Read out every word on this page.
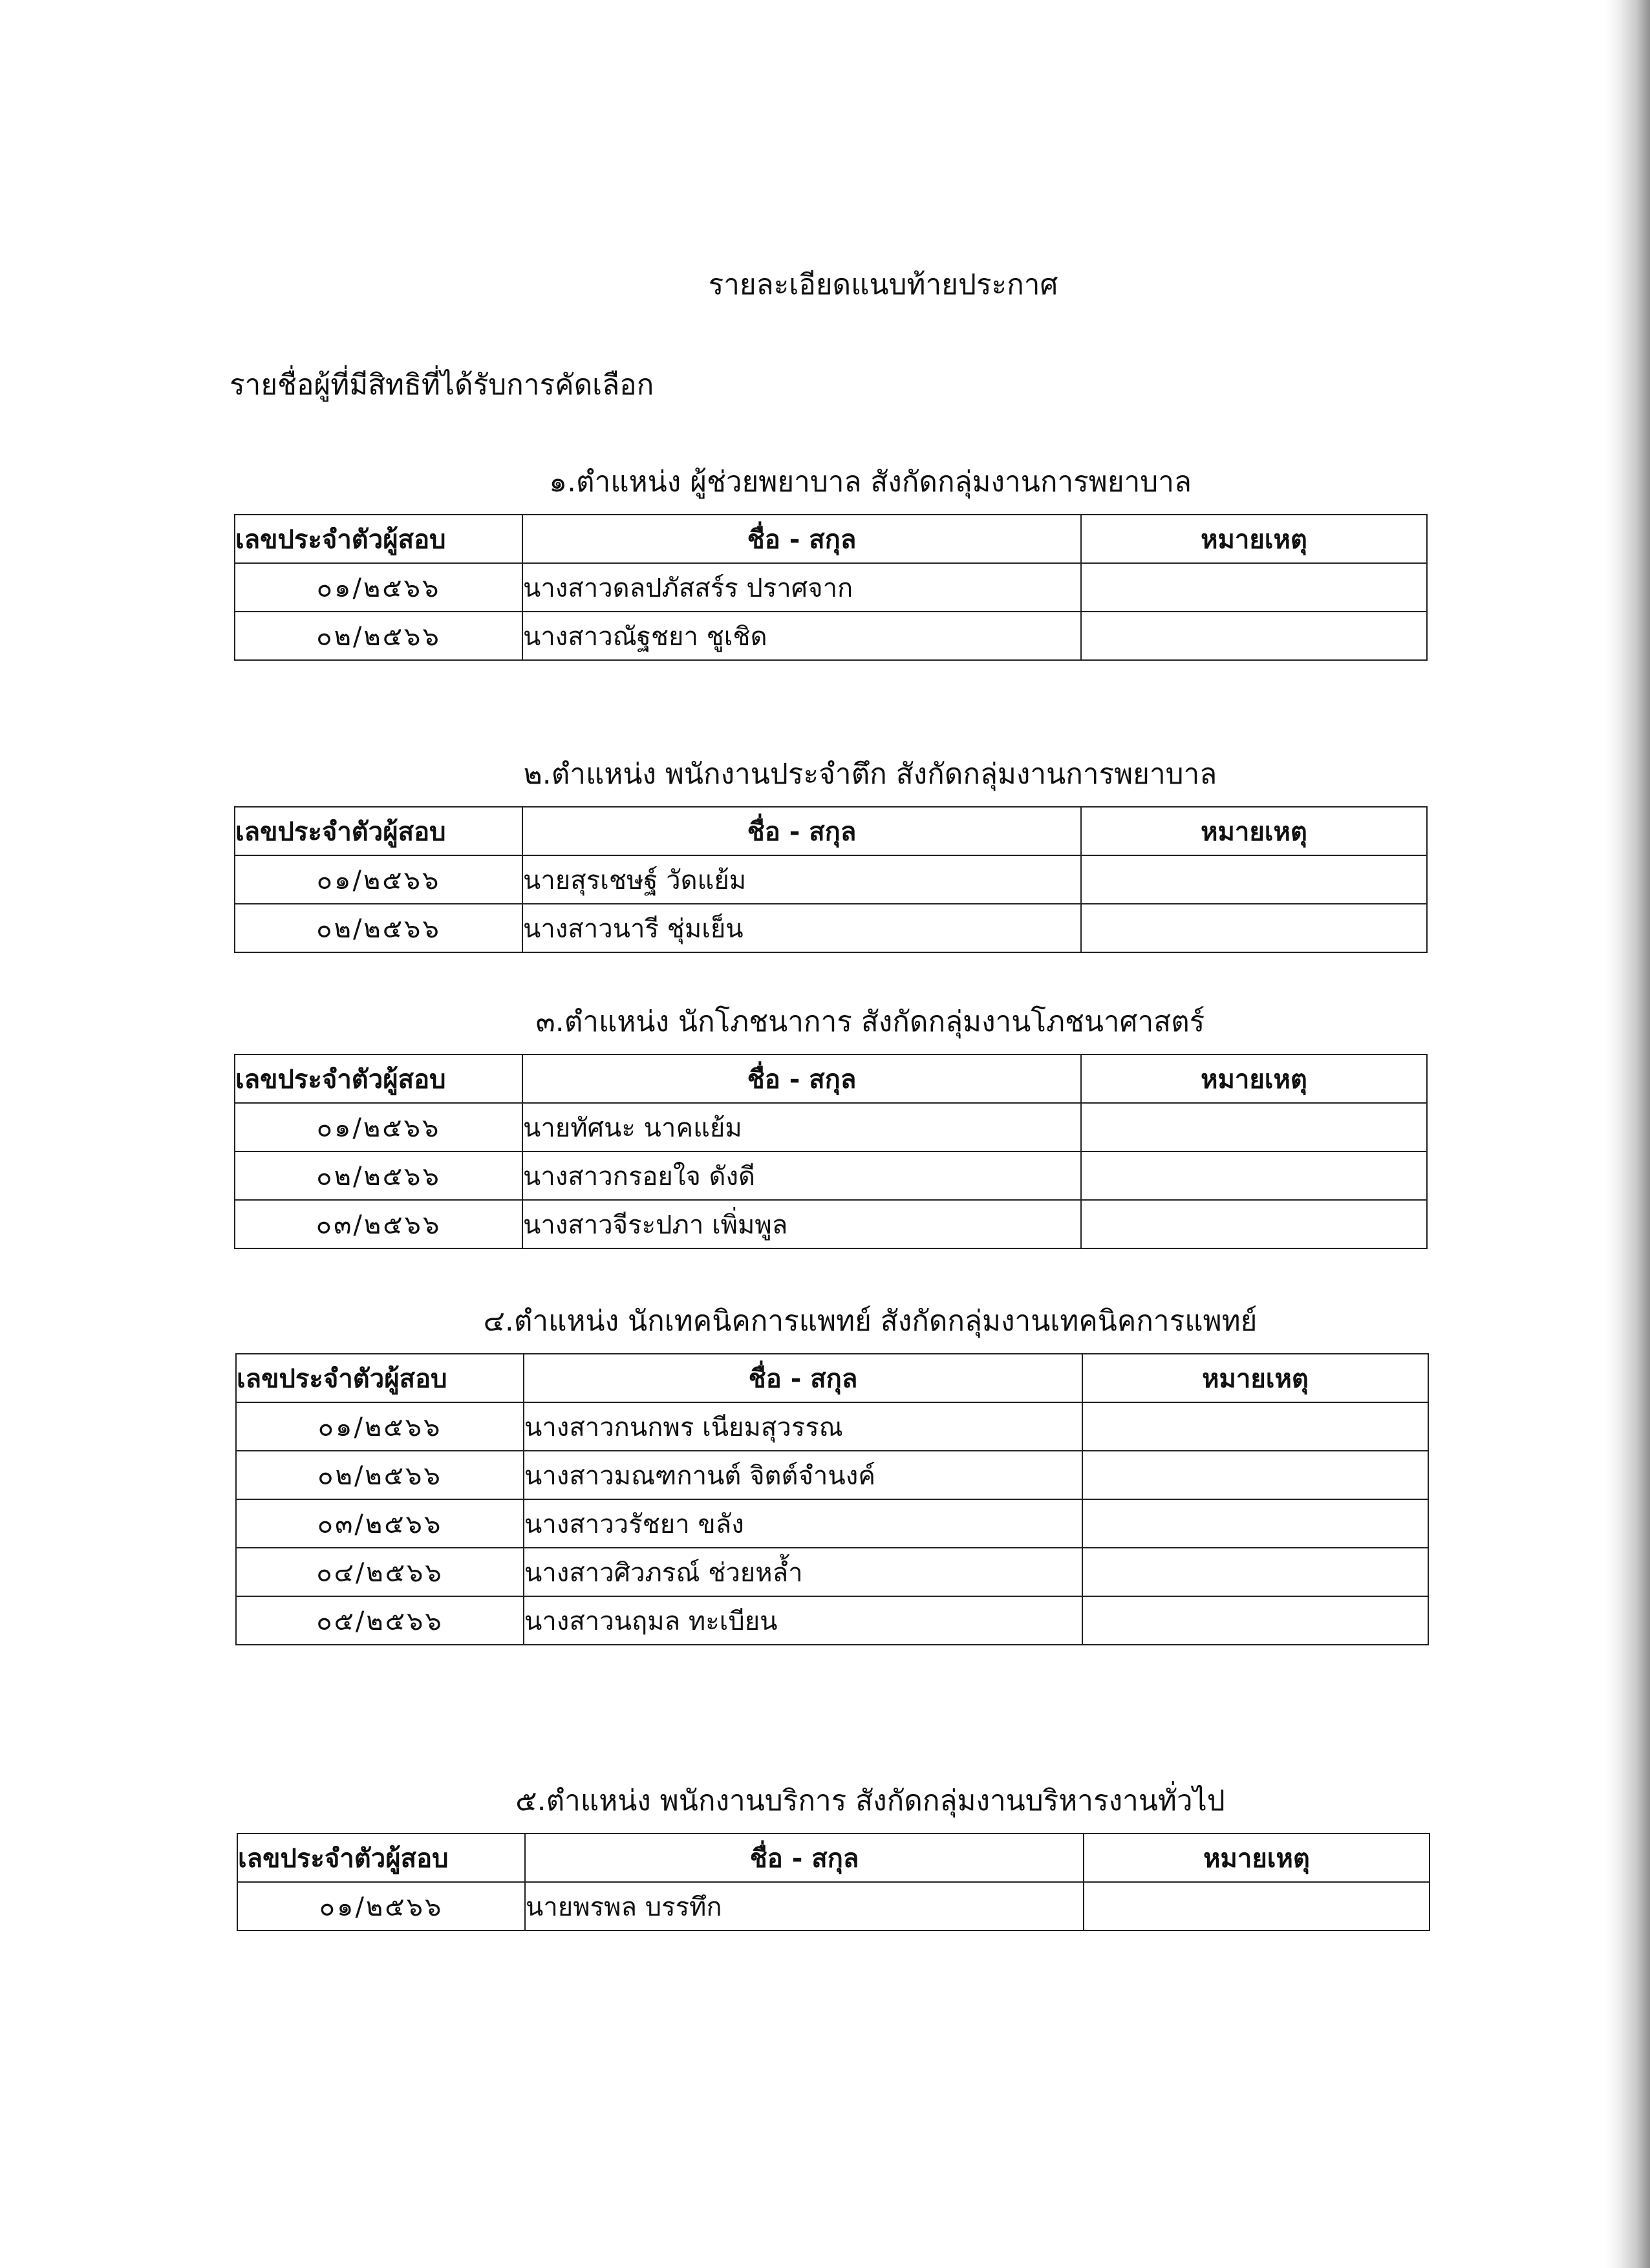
รายละเอียดแนบท้ายประกาศ
รายชื่อผู้ที่มีสิทธิที่ได้รับการคัดเลือก
๑.ตำแหน่ง ผู้ช่วยพยาบาล สังกัดกลุ่มงานการพยาบาล
เลขประจำตัวผู้สอบ	ชื่อ - สกุล	หมายเหตุ
๐๑/๒๕๖๖	นางสาวดลปภัสสร์ร ปราศจาก	
๐๒/๒๕๖๖	นางสาวณัฐชยา ชูเชิด	
๒.ตำแหน่ง พนักงานประจำตึก สังกัดกลุ่มงานการพยาบาล
เลขประจำตัวผู้สอบ	ชื่อ - สกุล	หมายเหตุ
๐๑/๒๕๖๖	นายสุรเชษฐ์ วัดแย้ม	
๐๒/๒๕๖๖	นางสาวนารี ชุ่มเย็น	
๓.ตำแหน่ง นักโภชนาการ สังกัดกลุ่มงานโภชนาศาสตร์
เลขประจำตัวผู้สอบ	ชื่อ - สกุล	หมายเหตุ
๐๑/๒๕๖๖	นายทัศนะ นาคแย้ม	
๐๒/๒๕๖๖	นางสาวกรอยใจ ดังดี	
๐๓/๒๕๖๖	นางสาวจีระปภา เพิ่มพูล	
๔.ตำแหน่ง นักเทคนิคการแพทย์ สังกัดกลุ่มงานเทคนิคการแพทย์
เลขประจำตัวผู้สอบ	ชื่อ - สกุล	หมายเหตุ
๐๑/๒๕๖๖	นางสาวกนกพร เนียมสุวรรณ	
๐๒/๒๕๖๖	นางสาวมณฑกานต์ จิตต์จำนงค์	
๐๓/๒๕๖๖	นางสาววรัชยา ขลัง	
๐๔/๒๕๖๖	นางสาวศิวภรณ์ ช่วยหล้ำ	
๐๕/๒๕๖๖	นางสาวนฤมล ทะเบียน	
๕.ตำแหน่ง พนักงานบริการ สังกัดกลุ่มงานบริหารงานทั่วไป
เลขประจำตัวผู้สอบ	ชื่อ - สกุล	หมายเหตุ
๐๑/๒๕๖๖	นายพรพล บรรทึก	
